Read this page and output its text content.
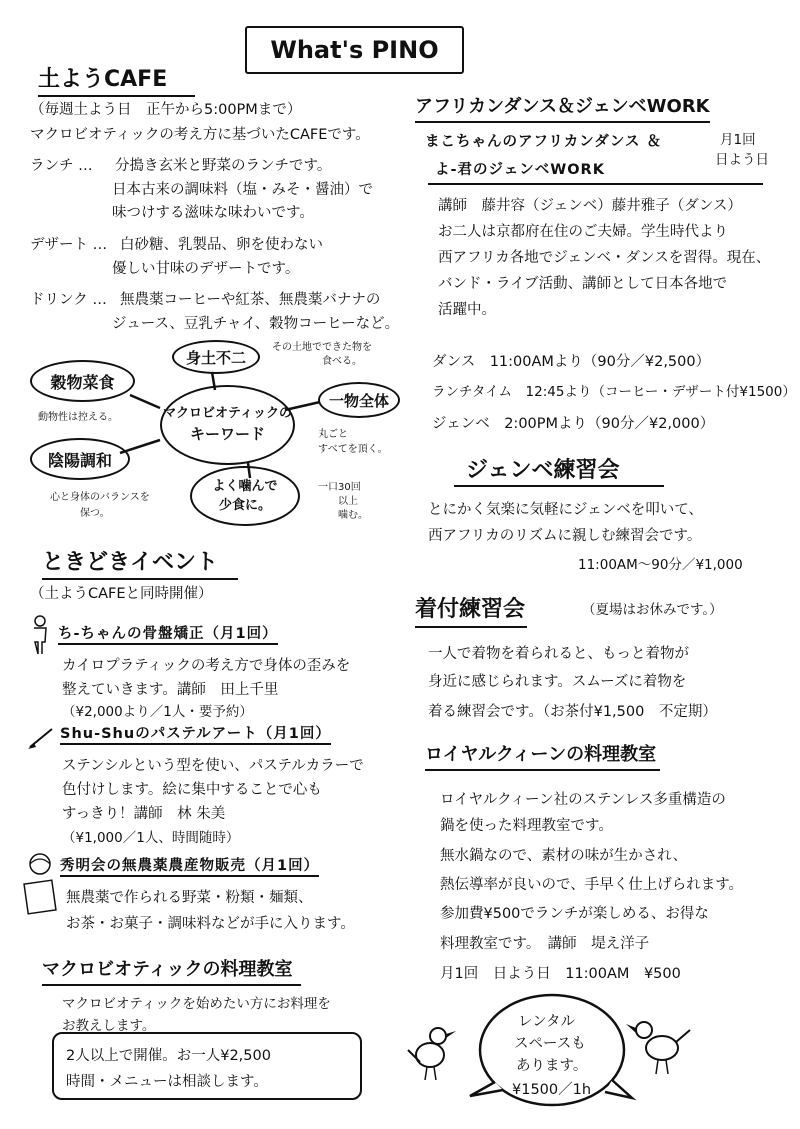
What's PINO
土ようCAFE
（毎週土よう日　正午から5:00PMまで）
マクロビオティックの考え方に基づいたCAFEです。
ランチ … 分搗き玄米と野菜のランチです。
日本古来の調味料（塩・みそ・醤油）で
味つけする滋味な味わいです。
デザート … 白砂糖、乳製品、卵を使わない
優しい甘味のデザートです。
ドリンク … 無農薬コーヒーや紅茶、無農薬バナナの
ジュース、豆乳チャイ、穀物コーヒーなど。
マクロビオティックの
キーワード
身土不二
その土地でできた物を
食べる。
穀物菜食
動物性は控える。
一物全体
丸ごと
すべてを頂く。
陰陽調和
心と身体のバランスを
保つ。
よく噛んで
少食に。
一口30回
以上
噛む。
ときどきイベント
（土ようCAFEと同時開催）
ち-ちゃんの骨盤矯正（月1回）
カイロプラティックの考え方で身体の歪みを
整えていきます。講師　田上千里
（¥2,000より／1人・要予約）
Shu-Shuのパステルアート（月1回）
ステンシルという型を使い、パステルカラーで
色付けします。絵に集中することで心も
すっきり！講師　林 朱美
（¥1,000／1人、時間随時）
秀明会の無農薬農産物販売（月1回）
無農薬で作られる野菜・粉類・麺類、
お茶・お菓子・調味料などが手に入ります。
マクロビオティックの料理教室
マクロビオティックを始めたい方にお料理を
お教えします。
2人以上で開催。お一人¥2,500
時間・メニューは相談します。
アフリカンダンス＆ジェンベWORK
まこちゃんのアフリカンダンス ＆
よ-君のジェンベWORK
月1回
日よう日
講師　藤井容（ジェンベ）藤井雅子（ダンス）
お二人は京都府在住のご夫婦。学生時代より
西アフリカ各地でジェンベ・ダンスを習得。現在、
バンド・ライブ活動、講師として日本各地で
活躍中。
ダンス　11:00AMより（90分／¥2,500）
ランチタイム　12:45より（コーヒー・デザート付¥1500）
ジェンベ　2:00PMより（90分／¥2,000）
ジェンベ練習会
とにかく気楽に気軽にジェンベを叩いて、
西アフリカのリズムに親しむ練習会です。
11:00AM～90分／¥1,000
着付練習会	（夏場はお休みです。）
一人で着物を着られると、もっと着物が
身近に感じられます。スムーズに着物を
着る練習会です。（お茶付¥1,500　不定期）
ロイヤルクィーンの料理教室
ロイヤルクィーン社のステンレス多重構造の
鍋を使った料理教室です。
無水鍋なので、素材の味が生かされ、
熱伝導率が良いので、手早く仕上げられます。
参加費¥500でランチが楽しめる、お得な
料理教室です。　講師　堤え洋子
月1回　日よう日　11:00AM　¥500
レンタル
スペースも
あります。
¥1500／1h
